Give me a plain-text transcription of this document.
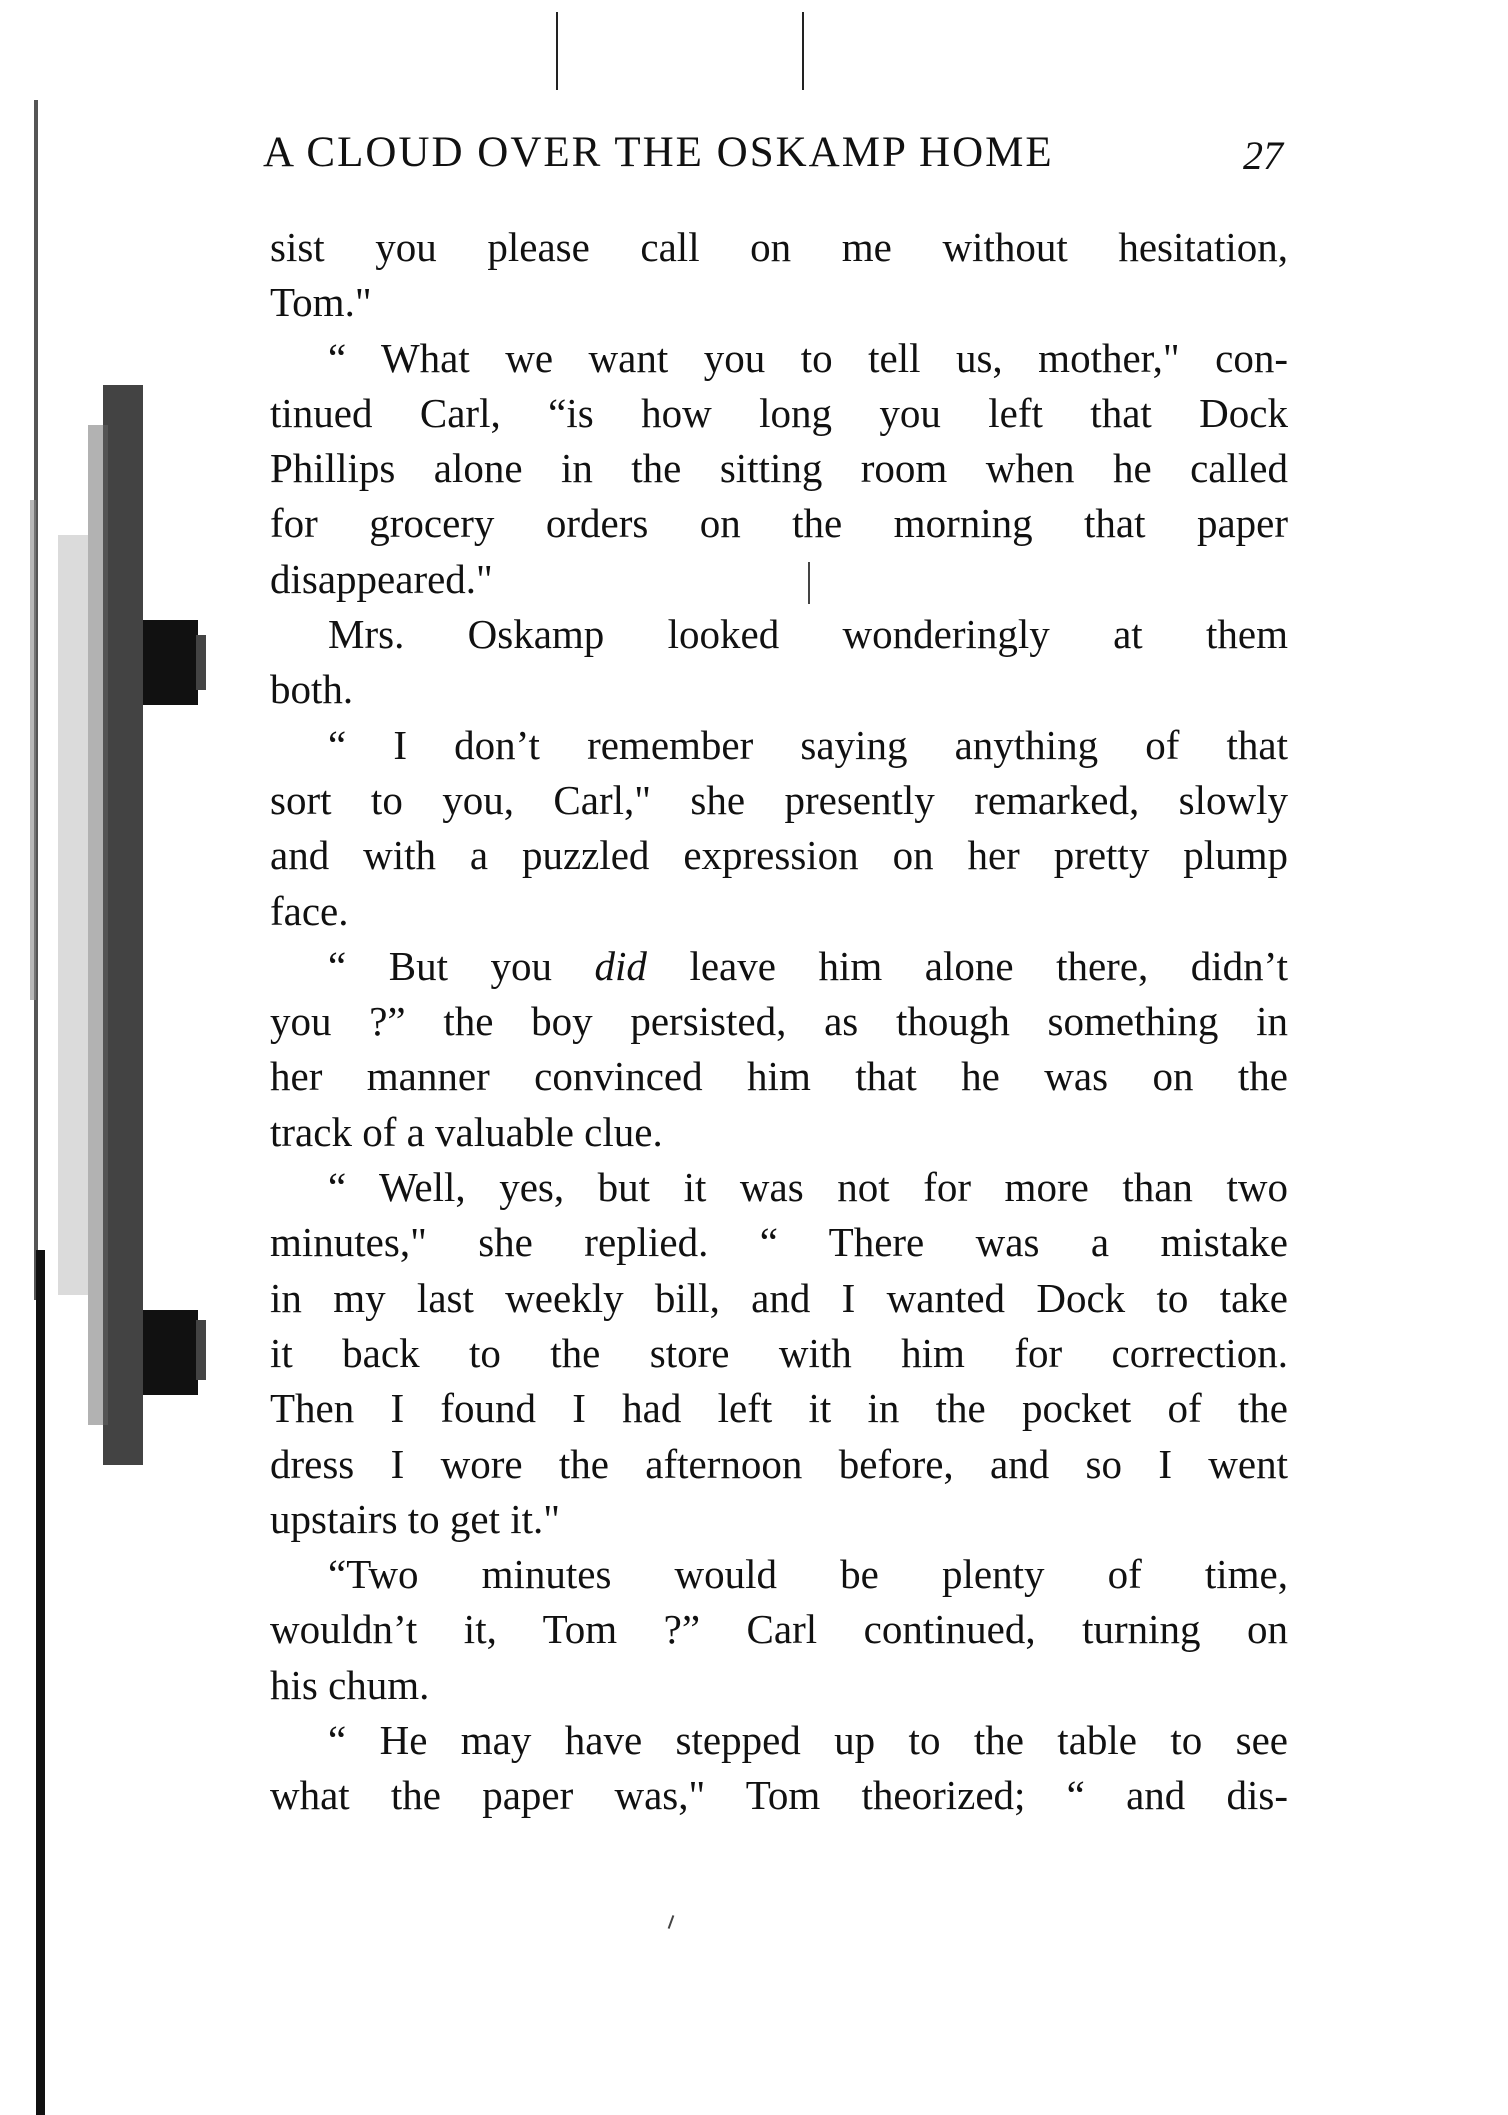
A CLOUD OVER THE OSKAMP HOME	27
sist you please call on me without hesitation,
Tom."
“ What we want you to tell us, mother," con-
tinued Carl, “is how long you left that Dock
Phillips alone in the sitting room when he called
for grocery orders on the morning that paper
disappeared."
Mrs. Oskamp looked wonderingly at them
both.
“ I don’t remember saying anything of that
sort to you, Carl," she presently remarked, slowly
and with a puzzled expression on her pretty plump
face.
“ But you did leave him alone there, didn’t
you ?” the boy persisted, as though something in
her manner convinced him that he was on the
track of a valuable clue.
“ Well, yes, but it was not for more than two
minutes," she replied. “ There was a mistake
in my last weekly bill, and I wanted Dock to take
it back to the store with him for correction.
Then I found I had left it in the pocket of the
dress I wore the afternoon before, and so I went
upstairs to get it."
“Two minutes would be plenty of time,
wouldn’t it, Tom ?” Carl continued, turning on
his chum.
“ He may have stepped up to the table to see
what the paper was," Tom theorized; “ and dis-
